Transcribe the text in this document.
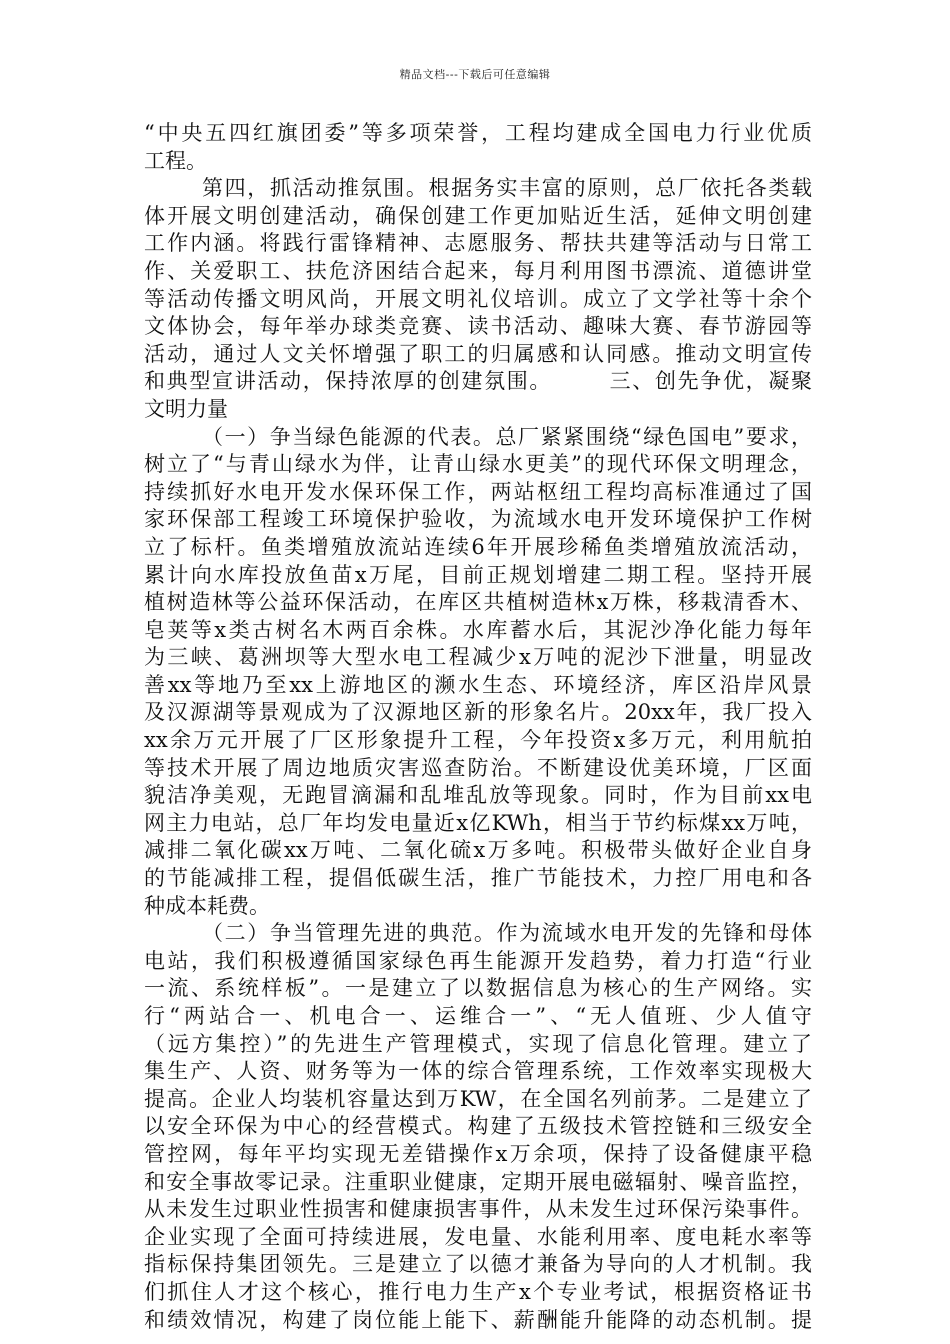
精品文档---下载后可任意编辑
“中央五四红旗团委”等多项荣誉，工程均建成全国电力行业优质
工程。
第四，抓活动推氛围。根据务实丰富的原则，总厂依托各类载
体开展文明创建活动，确保创建工作更加贴近生活，延伸文明创建
工作内涵。将践行雷锋精神、志愿服务、帮扶共建等活动与日常工
作、关爱职工、扶危济困结合起来，每月利用图书漂流、道德讲堂
等活动传播文明风尚，开展文明礼仪培训。成立了文学社等十余个
文体协会，每年举办球类竞赛、读书活动、趣味大赛、春节游园等
活动，通过人文关怀增强了职工的归属感和认同感。推动文明宣传
和典型宣讲活动，保持浓厚的创建氛围。　　　三、创先争优，凝聚
文明力量
（一）争当绿色能源的代表。总厂紧紧围绕“绿色国电”要求，
树立了“与青山绿水为伴，让青山绿水更美”的现代环保文明理念，
持续抓好水电开发水保环保工作，两站枢纽工程均高标准通过了国
家环保部工程竣工环境保护验收，为流域水电开发环境保护工作树
立了标杆。鱼类增殖放流站连续6年开展珍稀鱼类增殖放流活动，
累计向水库投放鱼苗x万尾，目前正规划增建二期工程。坚持开展
植树造林等公益环保活动，在库区共植树造林x万株，移栽清香木、
皂荚等x类古树名木两百余株。水库蓄水后，其泥沙净化能力每年
为三峡、葛洲坝等大型水电工程减少x万吨的泥沙下泄量，明显改
善xx等地乃至xx上游地区的濒水生态、环境经济，库区沿岸风景
及汉源湖等景观成为了汉源地区新的形象名片。20xx年，我厂投入
xx余万元开展了厂区形象提升工程，今年投资x多万元，利用航拍
等技术开展了周边地质灾害巡查防治。不断建设优美环境，厂区面
貌洁净美观，无跑冒滴漏和乱堆乱放等现象。同时，作为目前xx电
网主力电站，总厂年均发电量近x亿KWh，相当于节约标煤xx万吨，
减排二氧化碳xx万吨、二氧化硫x万多吨。积极带头做好企业自身
的节能减排工程，提倡低碳生活，推广节能技术，力控厂用电和各
种成本耗费。
（二）争当管理先进的典范。作为流域水电开发的先锋和母体
电站，我们积极遵循国家绿色再生能源开发趋势，着力打造“行业
一流、系统样板”。一是建立了以数据信息为核心的生产网络。实
行“两站合一、机电合一、运维合一”、“无人值班、少人值守
（远方集控）”的先进生产管理模式，实现了信息化管理。建立了
集生产、人资、财务等为一体的综合管理系统，工作效率实现极大
提高。企业人均装机容量达到万KW，在全国名列前茅。二是建立了
以安全环保为中心的经营模式。构建了五级技术管控链和三级安全
管控网，每年平均实现无差错操作x万余项，保持了设备健康平稳
和安全事故零记录。注重职业健康，定期开展电磁辐射、噪音监控，
从未发生过职业性损害和健康损害事件，从未发生过环保污染事件。
企业实现了全面可持续进展，发电量、水能利用率、度电耗水率等
指标保持集团领先。三是建立了以德才兼备为导向的人才机制。我
们抓住人才这个核心，推行电力生产x个专业考试，根据资格证书
和绩效情况，构建了岗位能上能下、薪酬能升能降的动态机制。提
